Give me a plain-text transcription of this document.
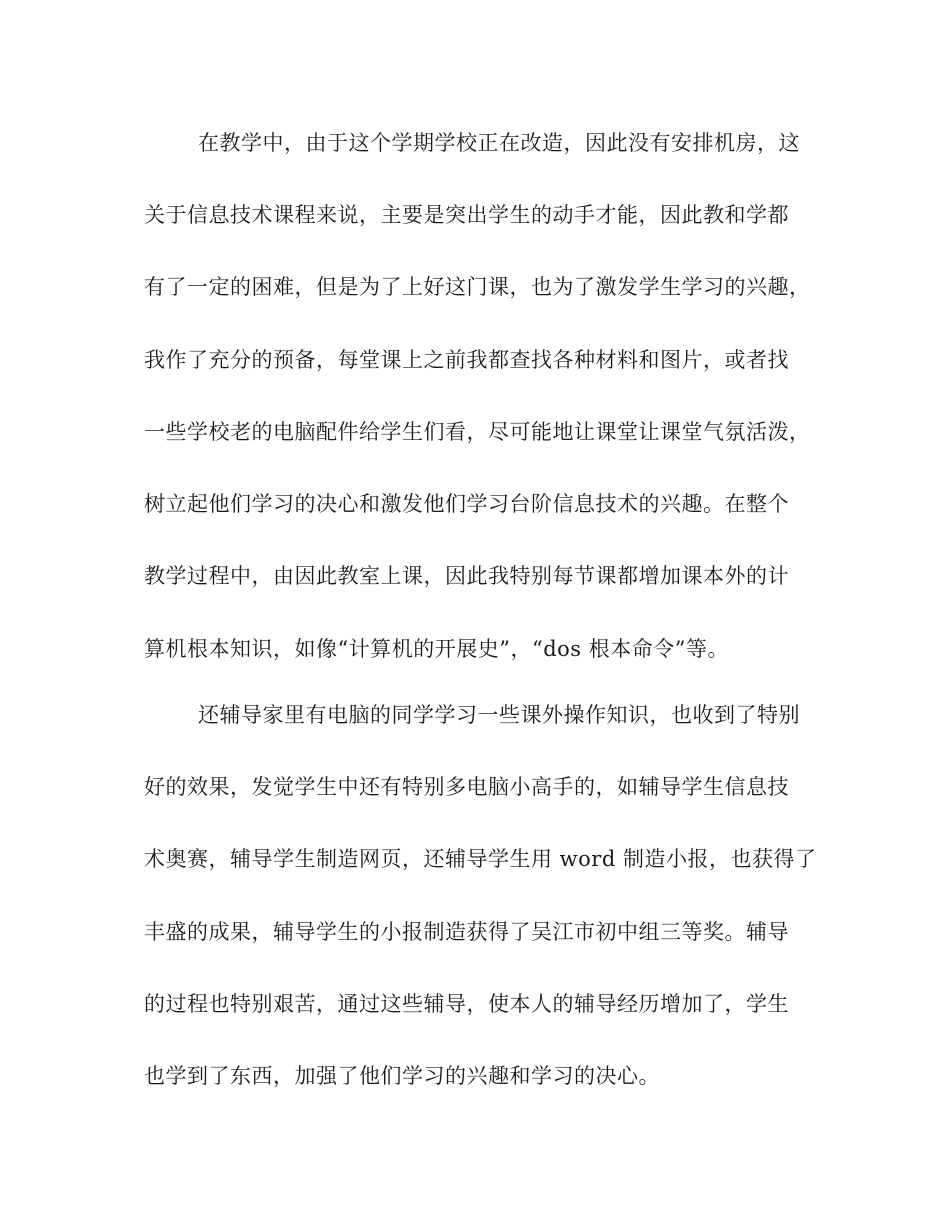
在教学中，由于这个学期学校正在改造，因此没有安排机房，这
关于信息技术课程来说，主要是突出学生的动手才能，因此教和学都
有了一定的困难，但是为了上好这门课，也为了激发学生学习的兴趣，
我作了充分的预备，每堂课上之前我都查找各种材料和图片，或者找
一些学校老的电脑配件给学生们看，尽可能地让课堂让课堂气氛活泼，
树立起他们学习的决心和激发他们学习台阶信息技术的兴趣。在整个
教学过程中，由因此教室上课，因此我特别每节课都增加课本外的计
算机根本知识，如像“计算机的开展史”，“dos 根本命令”等。
还辅导家里有电脑的同学学习一些课外操作知识，也收到了特别
好的效果，发觉学生中还有特别多电脑小高手的，如辅导学生信息技
术奥赛，辅导学生制造网页，还辅导学生用 word 制造小报，也获得了
丰盛的成果，辅导学生的小报制造获得了吴江市初中组三等奖。辅导
的过程也特别艰苦，通过这些辅导，使本人的辅导经历增加了，学生
也学到了东西，加强了他们学习的兴趣和学习的决心。
